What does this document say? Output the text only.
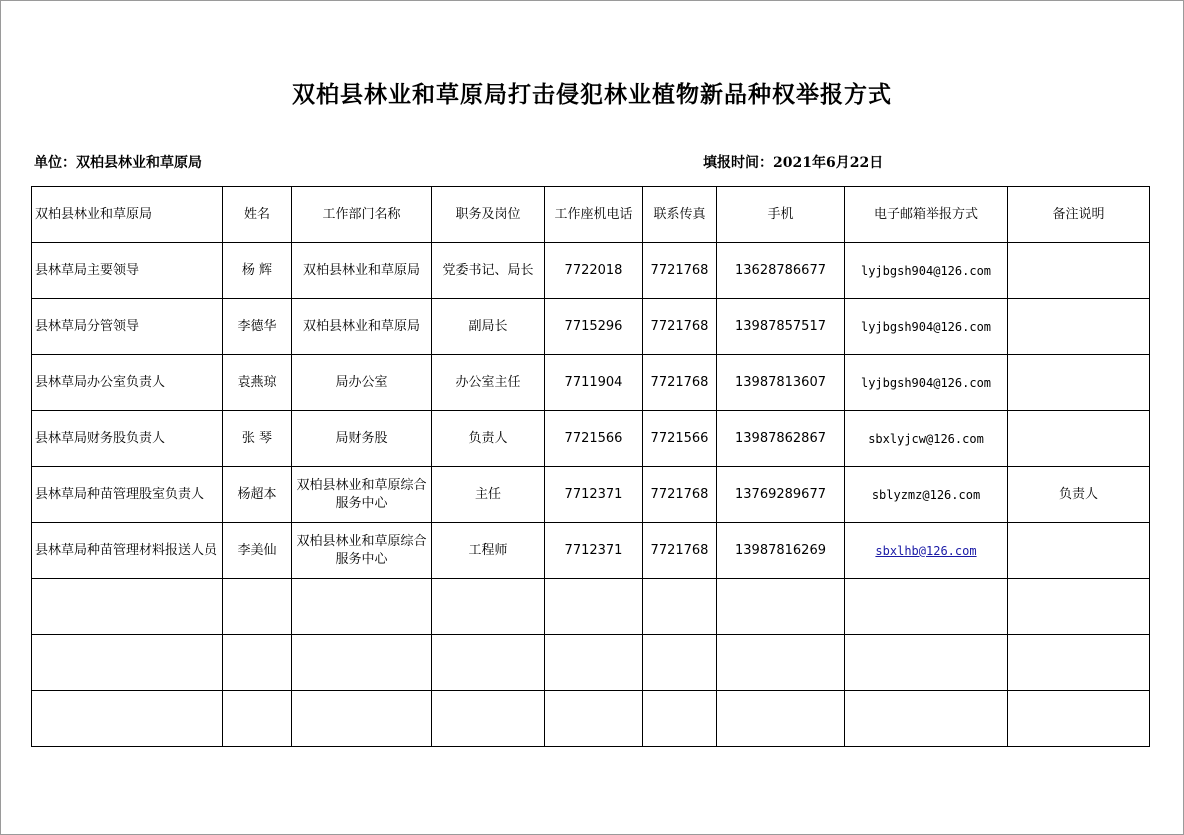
双柏县林业和草原局打击侵犯林业植物新品种权举报方式
单位：双柏县林业和草原局	填报时间：2021年6月22日
双柏县林业和草原局	姓名	工作部门名称	职务及岗位	工作座机电话	联系传真	手机	电子邮箱举报方式	备注说明
县林草局主要领导	杨 辉	双柏县林业和草原局	党委书记、局长	7722018	7721768	13628786677	lyjbgsh904@126.com	
县林草局分管领导	李德华	双柏县林业和草原局	副局长	7715296	7721768	13987857517	lyjbgsh904@126.com	
县林草局办公室负责人	袁燕琼	局办公室	办公室主任	7711904	7721768	13987813607	lyjbgsh904@126.com	
县林草局财务股负责人	张 琴	局财务股	负责人	7721566	7721566	13987862867	sbxlyjcw@126.com	
县林草局种苗管理股室负责人	杨超本	双柏县林业和草原综合服务中心	主任	7712371	7721768	13769289677	sblyzmz@126.com	负责人
县林草局种苗管理材料报送人员	李美仙	双柏县林业和草原综合服务中心	工程师	7712371	7721768	13987816269	sbxlhb@126.com	
